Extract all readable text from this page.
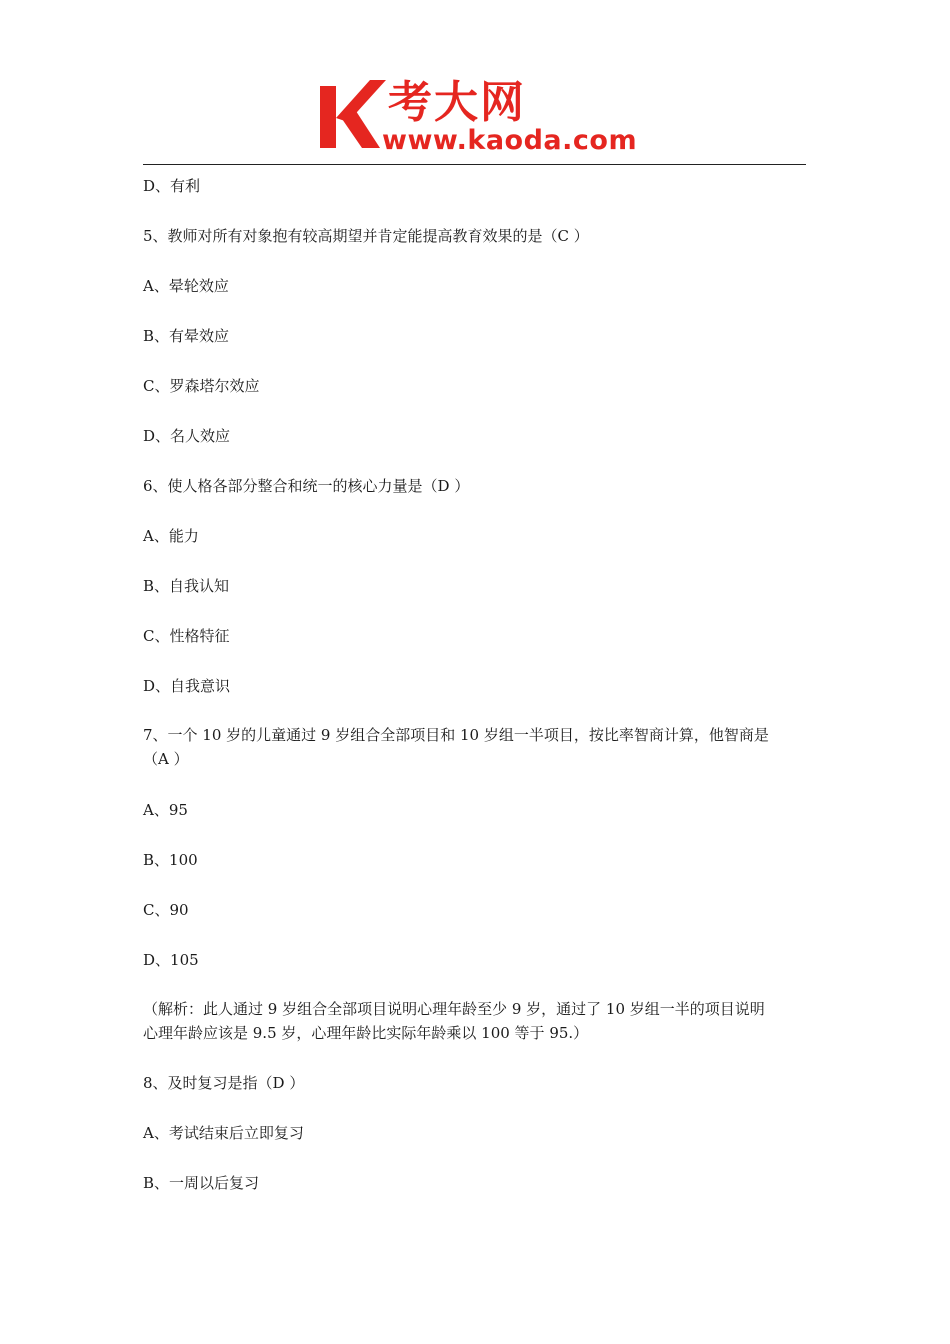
考大网
www.kaoda.com
D、有利
5、教师对所有对象抱有较高期望并肯定能提高教育效果的是（C ）
A、晕轮效应
B、有晕效应
C、罗森塔尔效应
D、名人效应
6、使人格各部分整合和统一的核心力量是（D ）
A、能力
B、自我认知
C、性格特征
D、自我意识
7、一个 10 岁的儿童通过 9 岁组合全部项目和 10 岁组一半项目，按比率智商计算，他智商是
（A ）
A、95
B、100
C、90
D、105
（解析：此人通过 9 岁组合全部项目说明心理年龄至少 9 岁，通过了 10 岁组一半的项目说明
心理年龄应该是 9.5 岁，心理年龄比实际年龄乘以 100 等于 95.）
8、及时复习是指（D ）
A、考试结束后立即复习
B、一周以后复习
